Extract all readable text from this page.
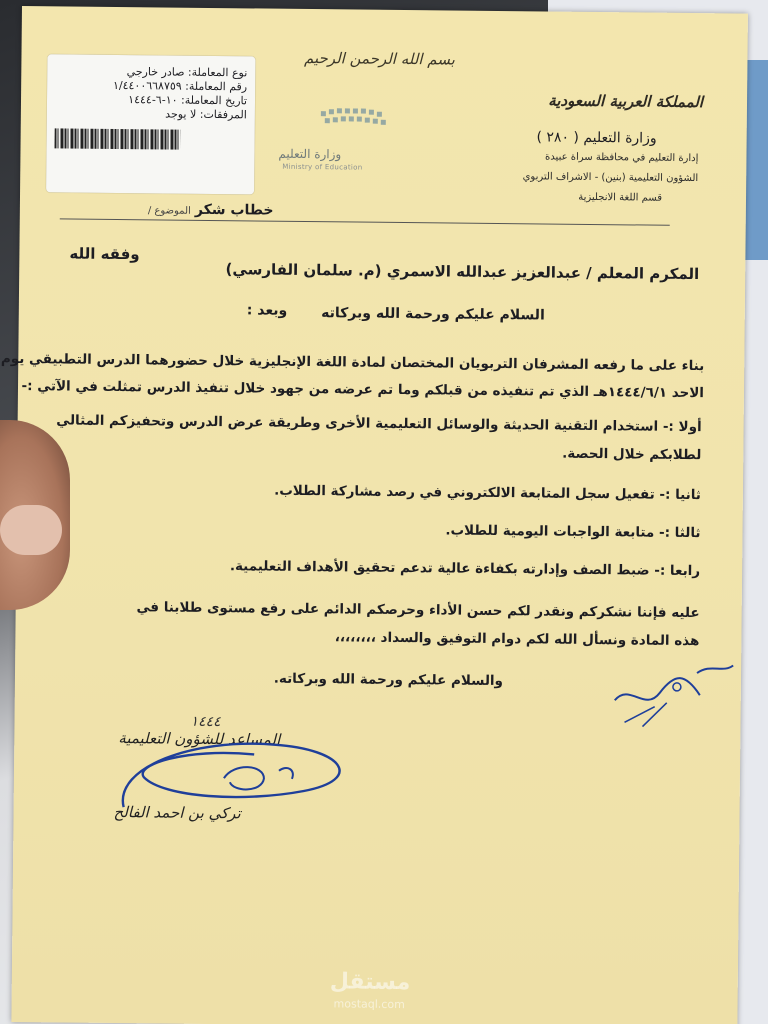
نوع المعاملة: صادر خارجي
رقم المعاملة: ١/٤٤٠٠٦٦٨٧٥٩
تاريخ المعاملة: ١٠-٦-١٤٤٤
المرفقات: لا يوجد
بسم الله الرحمن الرحيم
المملكة العربية السعودية
وزارة التعليم ( ٢٨٠ )
إدارة التعليم في محافظة سراة عبيدة
الشؤون التعليمية (بنين) - الاشراف التربوي
قسم اللغة الانجليزية
وزارة التعليم
Ministry of Education
خطاب شكر الموضوع /
المكرم المعلم / عبدالعزيز عبدالله الاسمري (م. سلمان الفارسي)
وفقه الله
السلام عليكم ورحمة الله وبركاته
وبعد :
بناء على ما رفعه المشرفان التربويان المختصان لمادة اللغة الإنجليزية خلال حضورهما الدرس التطبيقي يوم
الاحد ١٤٤٤/٦/١هـ الذي تم تنفيذه من قبلكم وما تم عرضه من جهود خلال تنفيذ الدرس تمثلت في الآتي :-
أولا :- استخدام التقنية الحديثة والوسائل التعليمية الأخرى وطريقة عرض الدرس وتحفيزكم المثالي
لطلابكم خلال الحصة.
ثانيا :- تفعيل سجل المتابعة الالكتروني في رصد مشاركة الطلاب.
ثالثا :- متابعة الواجبات اليومية للطلاب.
رابعا :- ضبط الصف وإدارته بكفاءة عالية تدعم تحقيق الأهداف التعليمية.
عليه فإننا نشكركم ونقدر لكم حسن الأداء وحرصكم الدائم على رفع مستوى طلابنا في
هذه المادة ونسأل الله لكم دوام التوفيق والسداد ،،،،،،،،
والسلام عليكم ورحمة الله وبركاته.
١٤٤٤
المساعد للشؤون التعليمية
تركي بن احمد الفالح
مستقل
mostaql.com
